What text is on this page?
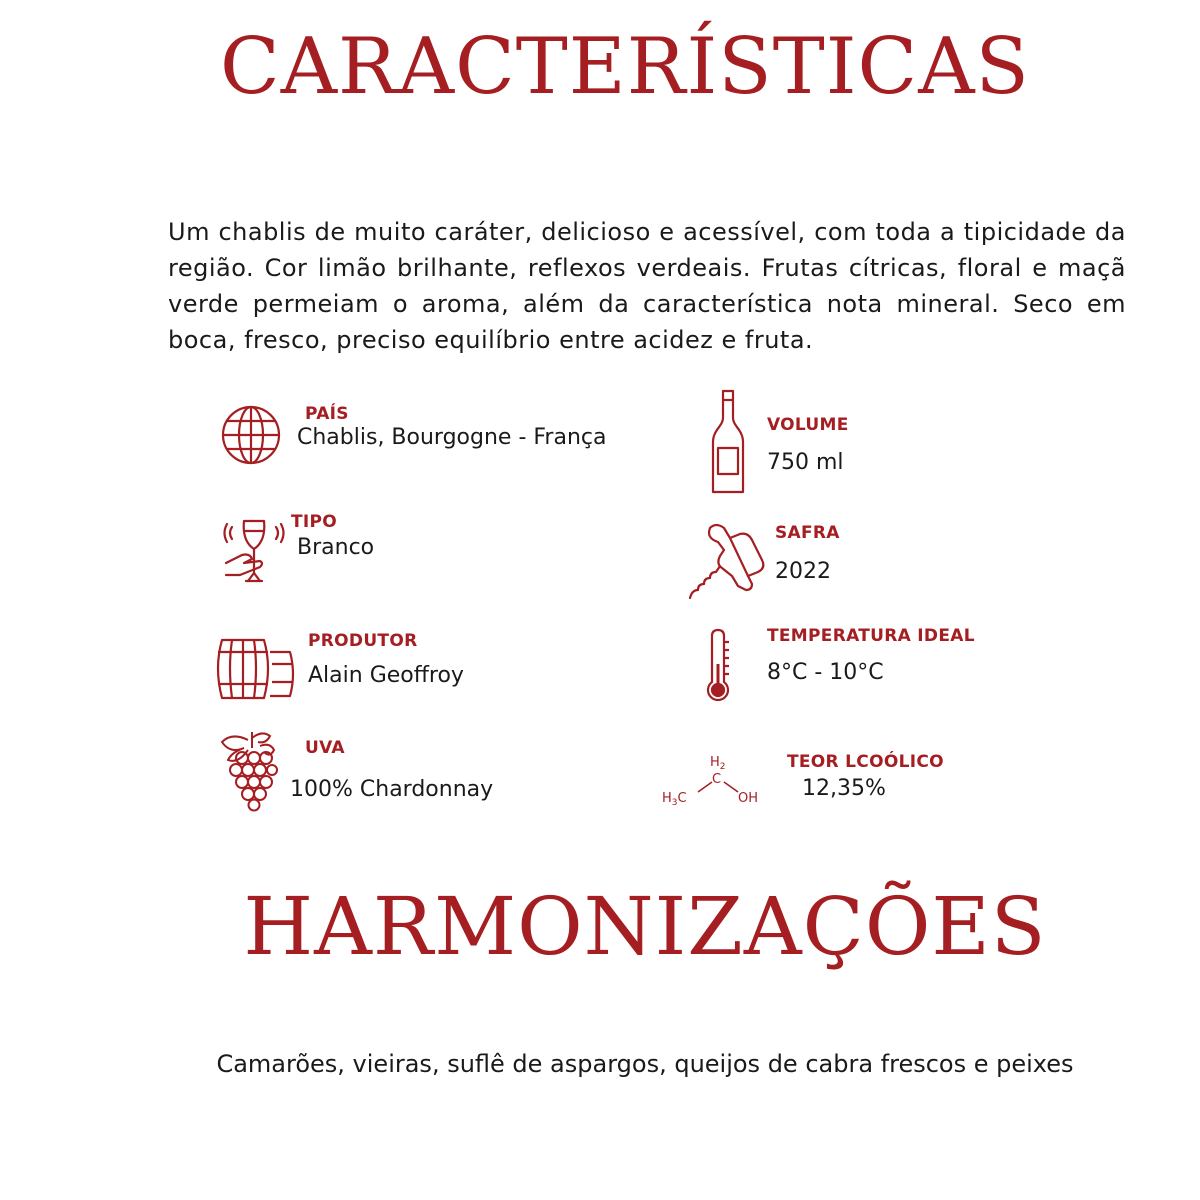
CARACTERÍSTICAS

Um chablis de muito caráter, delicioso e acessível, com toda a tipicidade da região. Cor limão brilhante, reflexos verdeais. Frutas cítricas, floral e maçã verde permeiam o aroma, além da característica nota mineral. Seco em boca, fresco, preciso equilíbrio entre acidez e fruta.

PAÍS
Chablis, Bourgogne - França	VOLUME
750 ml
TIPO
Branco
SAFRA
2022
PRODUTOR
Alain Geoffroy
TEMPERATURA IDEAL
8°C - 10°C
UVA
100% Chardonnay
$H_2$
C
$H_3C$	OH
TEOR LCOÓLICO
12,35%
HARMONIZAÇÕES

Camarões, vieiras, suflê de aspargos, queijos de cabra frescos e peixes
